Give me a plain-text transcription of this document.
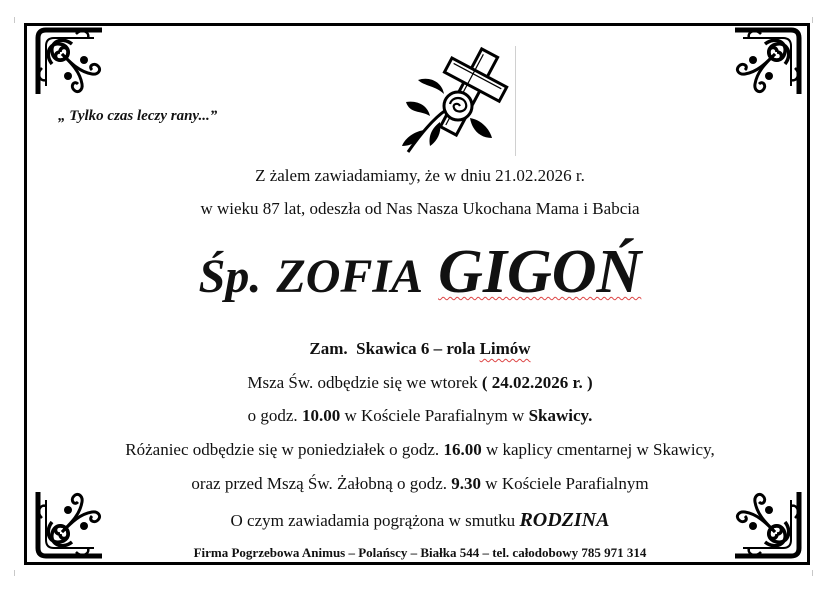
„ Tylko czas leczy rany...”
Z żalem zawiadamiamy, że w dniu 21.02.2026 r.
w wieku 87 lat, odeszła od Nas Nasza Ukochana Mama i Babcia
Śp. ZOFIA GIGOŃ
Zam. Skawica 6 – rola Limów
Msza Św. odbędzie się we wtorek ( 24.02.2026 r. )
o godz. 10.00 w Kościele Parafialnym w Skawicy.
Różaniec odbędzie się w poniedziałek o godz. 16.00 w kaplicy cmentarnej w Skawicy,
oraz przed Mszą Św. Żałobną o godz. 9.30 w Kościele Parafialnym
O czym zawiadamia pogrążona w smutku RODZINA
Firma Pogrzebowa Animus – Polańscy – Białka 544 – tel. całodobowy 785 971 314
